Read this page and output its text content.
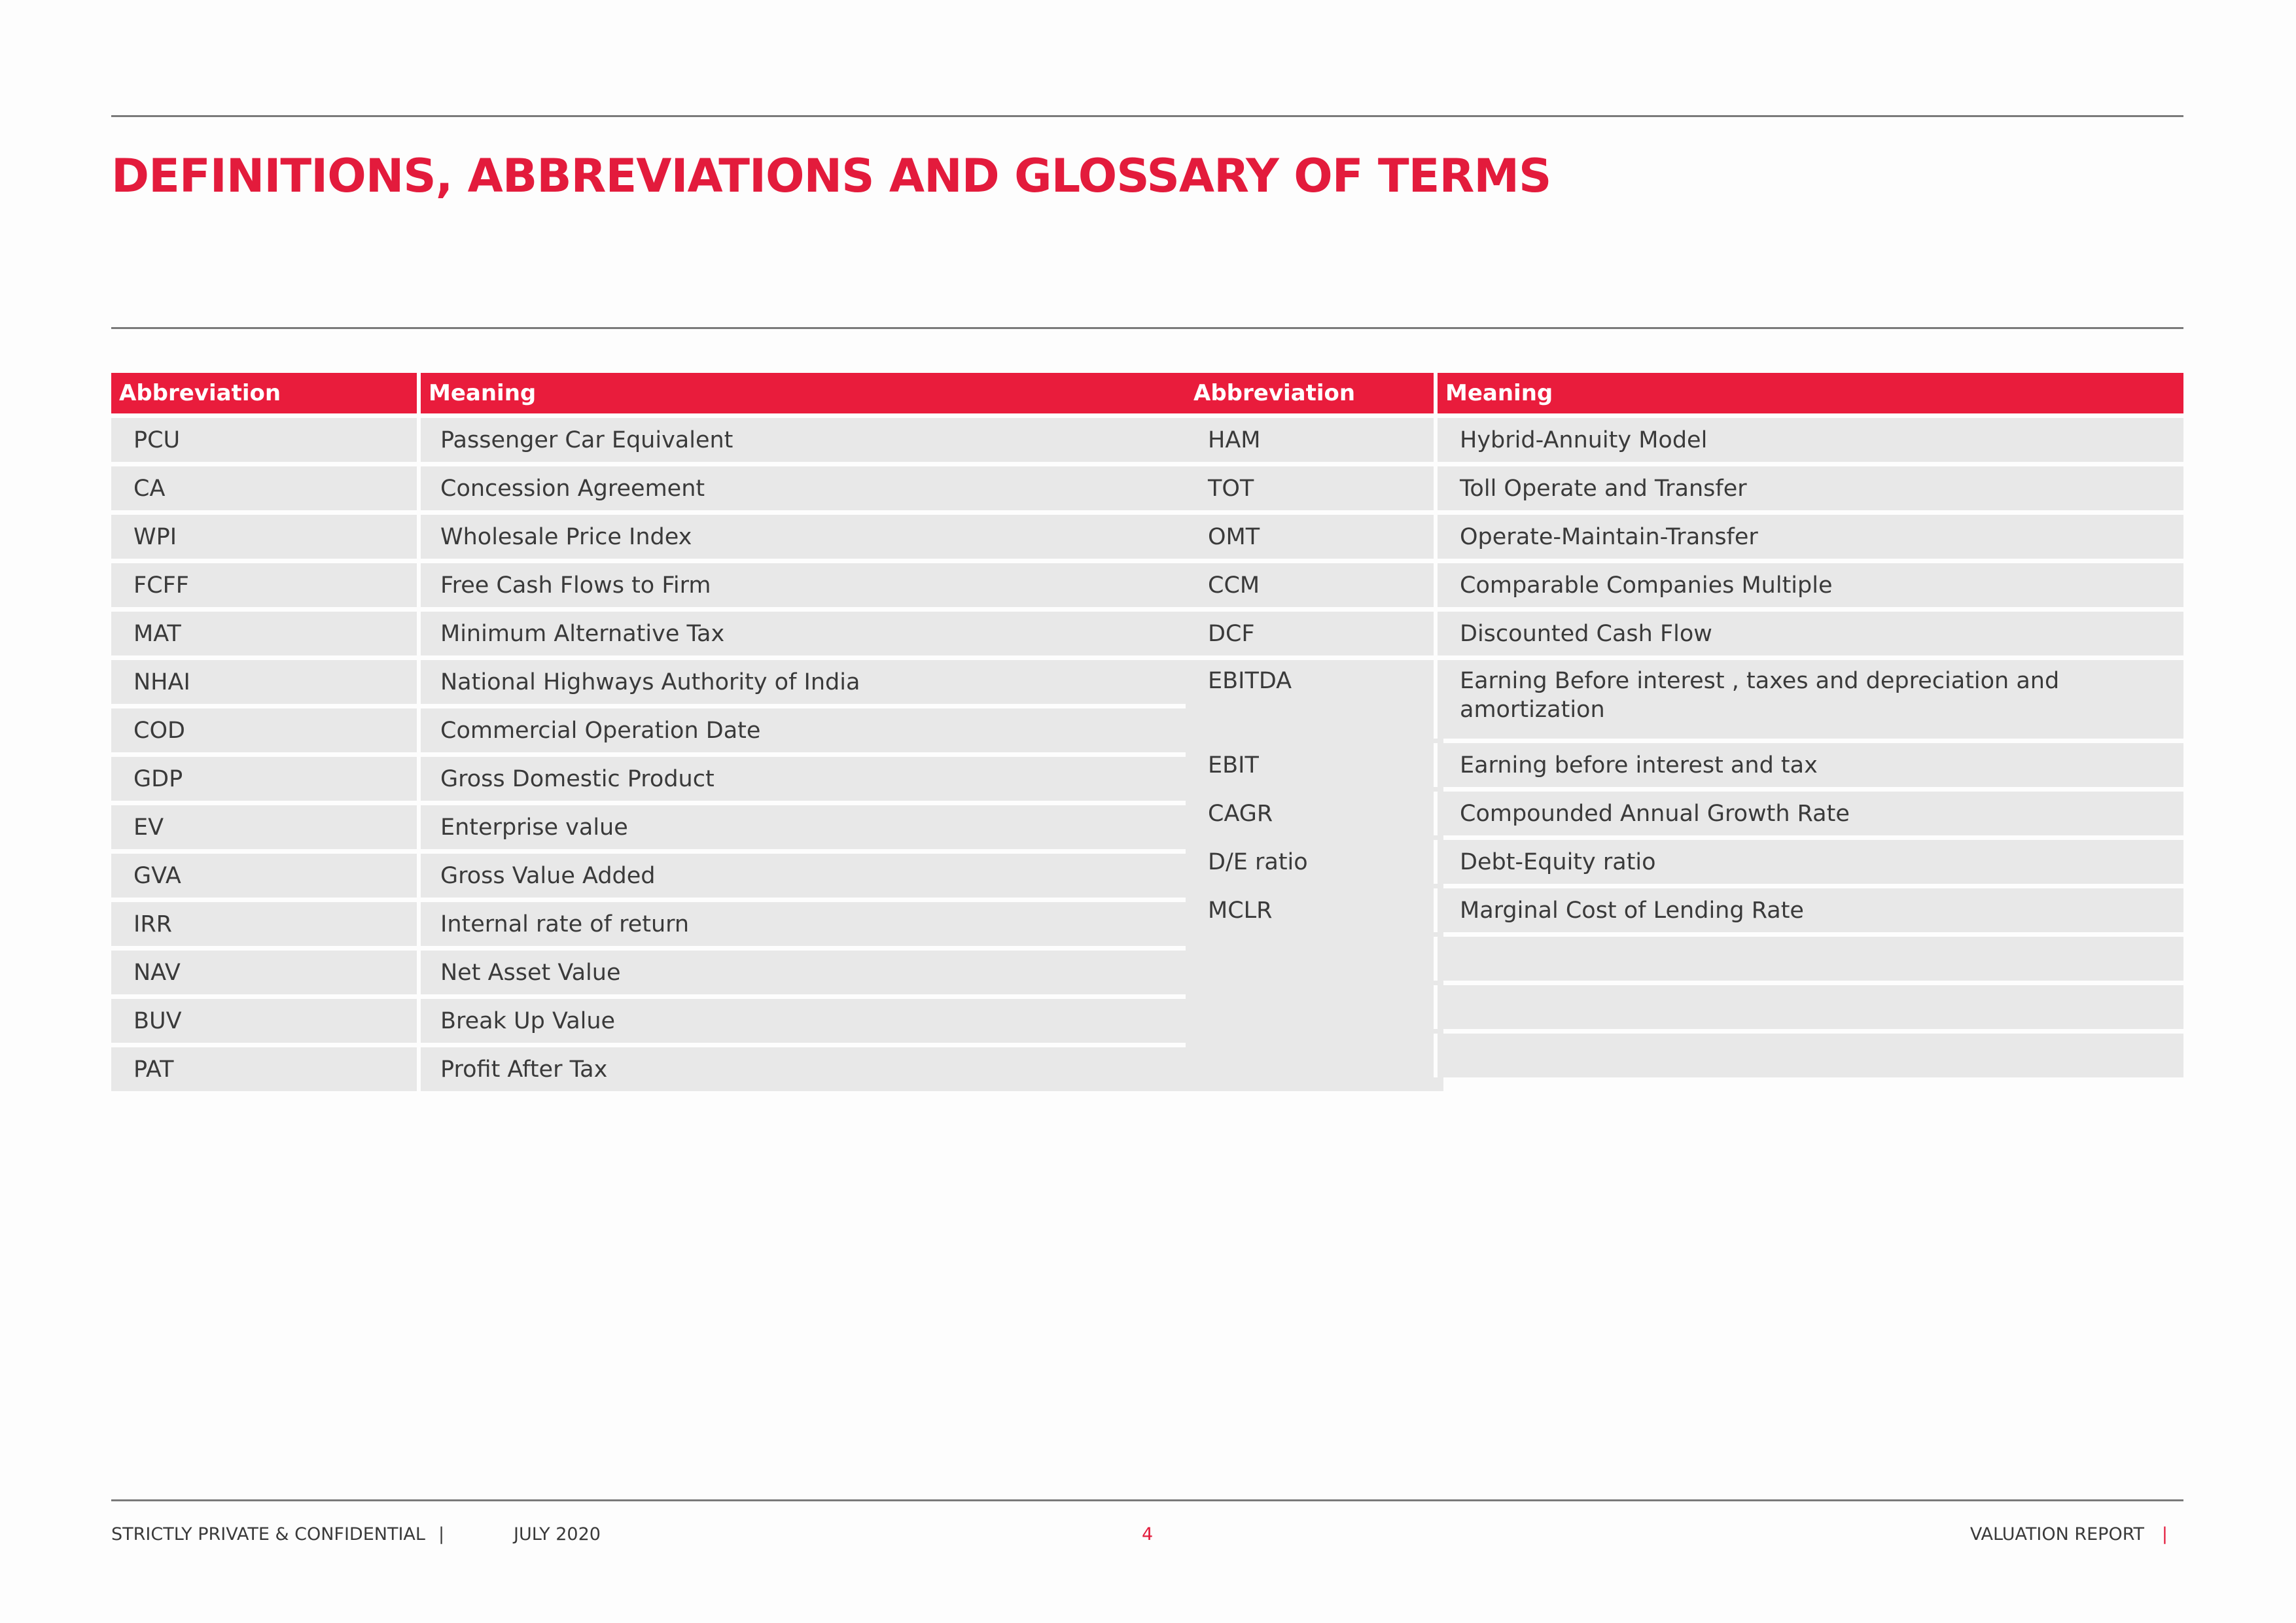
DEFINITIONS, ABBREVIATIONS AND GLOSSARY OF TERMS
Abbreviation	Meaning
PCU	Passenger Car Equivalent
CA	Concession Agreement
WPI	Wholesale Price Index
FCFF	Free Cash Flows to Firm
MAT	Minimum Alternative Tax
NHAI	National Highways Authority of India
COD	Commercial Operation Date
GDP	Gross Domestic Product
EV	Enterprise value
GVA	Gross Value Added
IRR	Internal rate of return
NAV	Net Asset Value
BUV	Break Up Value
PAT	Profit After Tax
Abbreviation	Meaning
HAM	Hybrid-Annuity Model
TOT	Toll Operate and Transfer
OMT	Operate-Maintain-Transfer
CCM	Comparable Companies Multiple
DCF	Discounted Cash Flow
EBITDA	Earning Before interest , taxes and depreciation and amortization
EBIT	Earning before interest and tax
CAGR	Compounded Annual Growth Rate
D/E ratio	Debt-Equity ratio
MCLR	Marginal Cost of Lending Rate

STRICTLY PRIVATE & CONFIDENTIAL |	JULY 2020	4	VALUATION REPORT |
